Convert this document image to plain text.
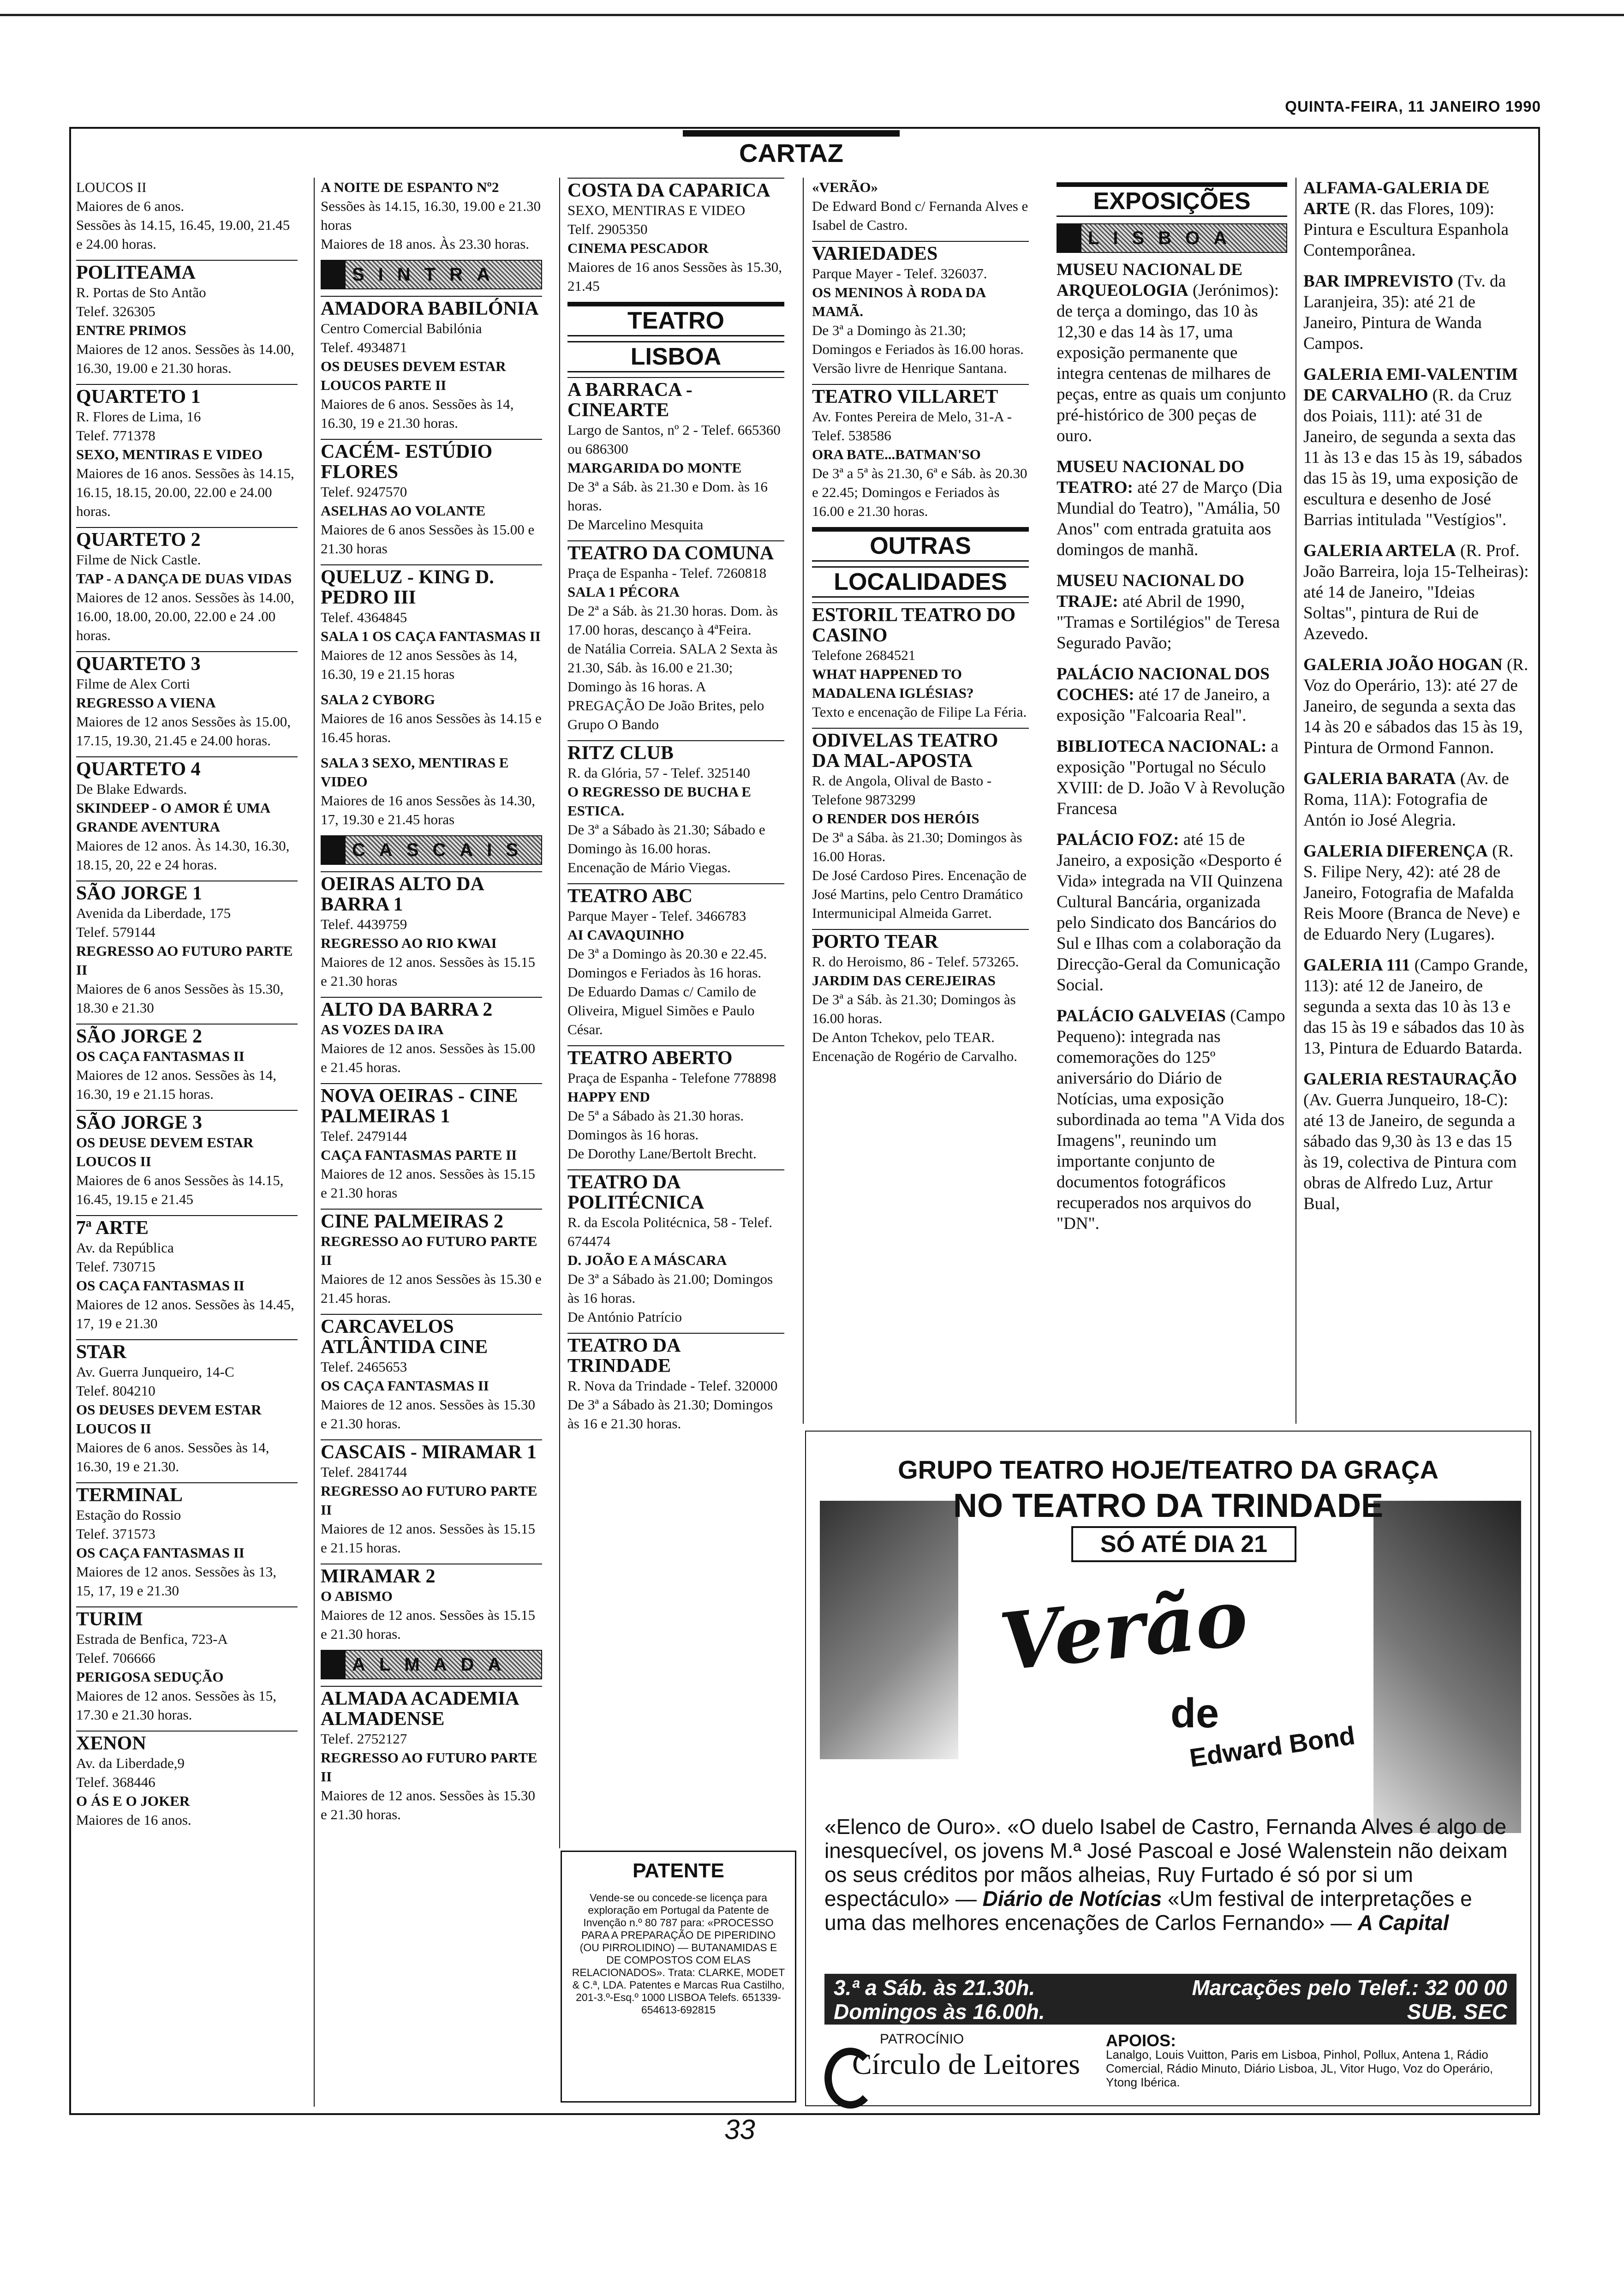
QUINTA-FEIRA, 11 JANEIRO 1990
CARTAZ
LOUCOS II
Maiores de 6 anos.
Sessões às 14.15, 16.45, 19.00, 21.45 e 24.00 horas.
POLITEAMA
R. Portas de Sto Antão
Telef. 326305
ENTRE PRIMOS
Maiores de 12 anos. Sessões às 14.00, 16.30, 19.00 e 21.30 horas.
QUARTETO 1
R. Flores de Lima, 16
Telef. 771378
SEXO, MENTIRAS E VIDEO
Maiores de 16 anos. Sessões às 14.15, 16.15, 18.15, 20.00, 22.00 e 24.00 horas.
QUARTETO 2
Filme de Nick Castle.
TAP - A DANÇA DE DUAS VIDAS
Maiores de 12 anos. Sessões às 14.00, 16.00, 18.00, 20.00, 22.00 e 24 .00 horas.
QUARTETO 3
Filme de Alex Corti
REGRESSO A VIENA
Maiores de 12 anos Sessões às 15.00, 17.15, 19.30, 21.45 e 24.00 horas.
QUARTETO 4
De Blake Edwards.
SKINDEEP - O AMOR É UMA GRANDE AVENTURA
Maiores de 12 anos. Às 14.30, 16.30, 18.15, 20, 22 e 24 horas.
SÃO JORGE 1
Avenida da Liberdade, 175
Telef. 579144
REGRESSO AO FUTURO PARTE II
Maiores de 6 anos Sessões às 15.30, 18.30 e 21.30
SÃO JORGE 2
OS CAÇA FANTASMAS II
Maiores de 12 anos. Sessões às 14, 16.30, 19 e 21.15 horas.
SÃO JORGE 3
OS DEUSE DEVEM ESTAR LOUCOS II
Maiores de 6 anos Sessões às 14.15, 16.45, 19.15 e 21.45
7ª ARTE
Av. da República
Telef. 730715
OS CAÇA FANTASMAS II
Maiores de 12 anos. Sessões às 14.45, 17, 19 e 21.30
STAR
Av. Guerra Junqueiro, 14-C
Telef. 804210
OS DEUSES DEVEM ESTAR LOUCOS II
Maiores de 6 anos. Sessões às 14, 16.30, 19 e 21.30.
TERMINAL
Estação do Rossio
Telef. 371573
OS CAÇA FANTASMAS II
Maiores de 12 anos. Sessões às 13, 15, 17, 19 e 21.30
TURIM
Estrada de Benfica, 723-A
Telef. 706666
PERIGOSA SEDUÇÃO
Maiores de 12 anos. Sessões às 15, 17.30 e 21.30 horas.
XENON
Av. da Liberdade,9
Telef. 368446
O ÁS E O JOKER
Maiores de 16 anos.
A NOITE DE ESPANTO Nº2
Sessões às 14.15, 16.30, 19.00 e 21.30 horas
Maiores de 18 anos. Às 23.30 horas.
SINTRA
AMADORA BABILÓNIA
Centro Comercial Babilónia
Telef. 4934871
OS DEUSES DEVEM ESTAR LOUCOS PARTE II
Maiores de 6 anos. Sessões às 14, 16.30, 19 e 21.30 horas.
CACÉM- ESTÚDIO FLORES
Telef. 9247570
ASELHAS AO VOLANTE
Maiores de 6 anos Sessões às 15.00 e 21.30 horas
QUELUZ - KING D. PEDRO III
Telef. 4364845
SALA 1 OS CAÇA FANTASMAS II
Maiores de 12 anos Sessões às 14, 16.30, 19 e 21.15 horas
SALA 2 CYBORG
Maiores de 16 anos Sessões às 14.15 e 16.45 horas.
SALA 3 SEXO, MENTIRAS E VIDEO
Maiores de 16 anos Sessões às 14.30, 17, 19.30 e 21.45 horas
CASCAIS
OEIRAS ALTO DA BARRA 1
Telef. 4439759
REGRESSO AO RIO KWAI
Maiores de 12 anos. Sessões às 15.15 e 21.30 horas
ALTO DA BARRA 2
AS VOZES DA IRA
Maiores de 12 anos. Sessões às 15.00 e 21.45 horas.
NOVA OEIRAS - CINE PALMEIRAS 1
Telef. 2479144
CAÇA FANTASMAS PARTE II
Maiores de 12 anos. Sessões às 15.15 e 21.30 horas
CINE PALMEIRAS 2
REGRESSO AO FUTURO PARTE II
Maiores de 12 anos Sessões às 15.30 e 21.45 horas.
CARCAVELOS ATLÂNTIDA CINE
Telef. 2465653
OS CAÇA FANTASMAS II
Maiores de 12 anos. Sessões às 15.30 e 21.30 horas.
CASCAIS - MIRAMAR 1
Telef. 2841744
REGRESSO AO FUTURO PARTE II
Maiores de 12 anos. Sessões às 15.15 e 21.15 horas.
MIRAMAR 2
O ABISMO
Maiores de 12 anos. Sessões às 15.15 e 21.30 horas.
ALMADA
ALMADA ACADEMIA ALMADENSE
Telef. 2752127
REGRESSO AO FUTURO PARTE II
Maiores de 12 anos. Sessões às 15.30 e 21.30 horas.
COSTA DA CAPARICA
SEXO, MENTIRAS E VIDEO
Telf. 2905350
CINEMA PESCADOR
Maiores de 16 anos Sessões às 15.30, 21.45
TEATRO
LISBOA
A BARRACA - CINEARTE
Largo de Santos, nº 2 - Telef. 665360 ou 686300
MARGARIDA DO MONTE
De 3ª a Sáb. às 21.30 e Dom. às 16 horas.
De Marcelino Mesquita
TEATRO DA COMUNA
Praça de Espanha - Telef. 7260818
SALA 1 PÉCORA
De 2ª a Sáb. às 21.30 horas. Dom. às 17.00 horas, descanço à 4ªFeira.
de Natália Correia. SALA 2 Sexta às 21.30, Sáb. às 16.00 e 21.30; Domingo às 16 horas. A PREGAÇÃO De João Brites, pelo Grupo O Bando
RITZ CLUB
R. da Glória, 57 - Telef. 325140
O REGRESSO DE BUCHA E ESTICA.
De 3ª a Sábado às 21.30; Sábado e Domingo às 16.00 horas.
Encenação de Mário Viegas.
TEATRO ABC
Parque Mayer - Telef. 3466783
AI CAVAQUINHO
De 3ª a Domingo às 20.30 e 22.45. Domingos e Feriados às 16 horas.
De Eduardo Damas c/ Camilo de Oliveira, Miguel Simões e Paulo César.
TEATRO ABERTO
Praça de Espanha - Telefone 778898
HAPPY END
De 5ª a Sábado às 21.30 horas. Domingos às 16 horas.
De Dorothy Lane/Bertolt Brecht.
TEATRO DA POLITÉCNICA
R. da Escola Politécnica, 58 - Telef. 674474
D. JOÃO E A MÁSCARA
De 3ª a Sábado às 21.00; Domingos às 16 horas.
De António Patrício
TEATRO DA TRINDADE
R. Nova da Trindade - Telef. 320000
De 3ª a Sábado às 21.30; Domingos às 16 e 21.30 horas.
«VERÃO»
De Edward Bond c/ Fernanda Alves e Isabel de Castro.
VARIEDADES
Parque Mayer - Telef. 326037.
OS MENINOS À RODA DA MAMÃ.
De 3ª a Domingo às 21.30; Domingos e Feriados às 16.00 horas.
Versão livre de Henrique Santana.
TEATRO VILLARET
Av. Fontes Pereira de Melo, 31-A - Telef. 538586
ORA BATE...BATMAN'SO
De 3ª a 5ª às 21.30, 6ª e Sáb. às 20.30 e 22.45; Domingos e Feriados às 16.00 e 21.30 horas.
OUTRAS
LOCALIDADES
ESTORIL TEATRO DO CASINO
Telefone 2684521
WHAT HAPPENED TO MADALENA IGLÉSIAS?
Texto e encenação de Filipe La Féria.
ODIVELAS TEATRO DA MAL-APOSTA
R. de Angola, Olival de Basto - Telefone 9873299
O RENDER DOS HERÓIS
De 3ª a Sába. às 21.30; Domingos às 16.00 Horas.
De José Cardoso Pires. Encenação de José Martins, pelo Centro Dramático Intermunicipal Almeida Garret.
PORTO TEAR
R. do Heroismo, 86 - Telef. 573265.
JARDIM DAS CEREJEIRAS
De 3ª a Sáb. às 21.30; Domingos às 16.00 horas.
De Anton Tchekov, pelo TEAR. Encenação de Rogério de Carvalho.
EXPOSIÇÕES
LISBOA
MUSEU NACIONAL DE ARQUEOLOGIA (Jerónimos): de terça a domingo, das 10 às 12,30 e das 14 às 17, uma exposição permanente que integra centenas de milhares de peças, entre as quais um conjunto pré-histórico de 300 peças de ouro.
MUSEU NACIONAL DO TEATRO: até 27 de Março (Dia Mundial do Teatro), "Amália, 50 Anos" com entrada gratuita aos domingos de manhã.
MUSEU NACIONAL DO TRAJE: até Abril de 1990, "Tramas e Sortilégios" de Teresa Segurado Pavão;
PALÁCIO NACIONAL DOS COCHES: até 17 de Janeiro, a exposição "Falcoaria Real".
BIBLIOTECA NACIONAL: a exposição "Portugal no Século XVIII: de D. João V à Revolução Francesa
PALÁCIO FOZ: até 15 de Janeiro, a exposição «Desporto é Vida» integrada na VII Quinzena Cultural Bancária, organizada pelo Sindicato dos Bancários do Sul e Ilhas com a colaboração da Direcção-Geral da Comunicação Social.
PALÁCIO GALVEIAS (Campo Pequeno): integrada nas comemorações do 125º aniversário do Diário de Notícias, uma exposição subordinada ao tema "A Vida dos Imagens", reunindo um importante conjunto de documentos fotográficos recuperados nos arquivos do "DN".
ALFAMA-GALERIA DE ARTE (R. das Flores, 109): Pintura e Escultura Espanhola Contemporânea.
BAR IMPREVISTO (Tv. da Laranjeira, 35): até 21 de Janeiro, Pintura de Wanda Campos.
GALERIA EMI-VALENTIM DE CARVALHO (R. da Cruz dos Poiais, 111): até 31 de Janeiro, de segunda a sexta das 11 às 13 e das 15 às 19, sábados das 15 às 19, uma exposição de escultura e desenho de José Barrias intitulada "Vestígios".
GALERIA ARTELA (R. Prof. João Barreira, loja 15-Telheiras): até 14 de Janeiro, "Ideias Soltas", pintura de Rui de Azevedo.
GALERIA JOÃO HOGAN (R. Voz do Operário, 13): até 27 de Janeiro, de segunda a sexta das 14 às 20 e sábados das 15 às 19, Pintura de Ormond Fannon.
GALERIA BARATA (Av. de Roma, 11A): Fotografia de Antón io José Alegria.
GALERIA DIFERENÇA (R. S. Filipe Nery, 42): até 28 de Janeiro, Fotografia de Mafalda Reis Moore (Branca de Neve) e de Eduardo Nery (Lugares).
GALERIA 111 (Campo Grande, 113): até 12 de Janeiro, de segunda a sexta das 10 às 13 e das 15 às 19 e sábados das 10 às 13, Pintura de Eduardo Batarda.
GALERIA RESTAURAÇÃO (Av. Guerra Junqueiro, 18-C): até 13 de Janeiro, de segunda a sábado das 9,30 às 13 e das 15 às 19, colectiva de Pintura com obras de Alfredo Luz, Artur Bual,
PATENTE
Vende-se ou concede-se licença para exploração em Portugal da Patente de Invenção n.º 80 787 para: «PROCESSO PARA A PREPARAÇÃO DE PIPERIDINO (OU PIRROLIDINO) — BUTANAMIDAS E DE COMPOSTOS COM ELAS RELACIONADOS». Trata: CLARKE, MODET & C.ª, LDA. Patentes e Marcas Rua Castilho, 201-3.º-Esq.º 1000 LISBOA Telefs. 651339-654613-692815
GRUPO TEATRO HOJE/TEATRO DA GRAÇA
NO TEATRO DA TRINDADE
SÓ ATÉ DIA 21
Verão
de
Edward Bond
«Elenco de Ouro». «O duelo Isabel de Castro, Fernanda Alves é algo de inesquecível, os jovens M.ª José Pascoal e José Walenstein não deixam os seus créditos por mãos alheias, Ruy Furtado é só por si um espectáculo» — Diário de Notícias «Um festival de interpretações e uma das melhores encenações de Carlos Fernando» — A Capital
3.ª a Sáb. às 21.30h. Domingos às 16.00h.
Marcações pelo Telef.: 32 00 00 SUB. SEC
PATROCÍNIO
Círculo de Leitores
APOIOS:
Lanalgo, Louis Vuitton, Paris em Lisboa, Pinhol, Pollux, Antena 1, Rádio Comercial, Rádio Minuto, Diário Lisboa, JL, Vitor Hugo, Voz do Operário, Ytong Ibérica.
33
